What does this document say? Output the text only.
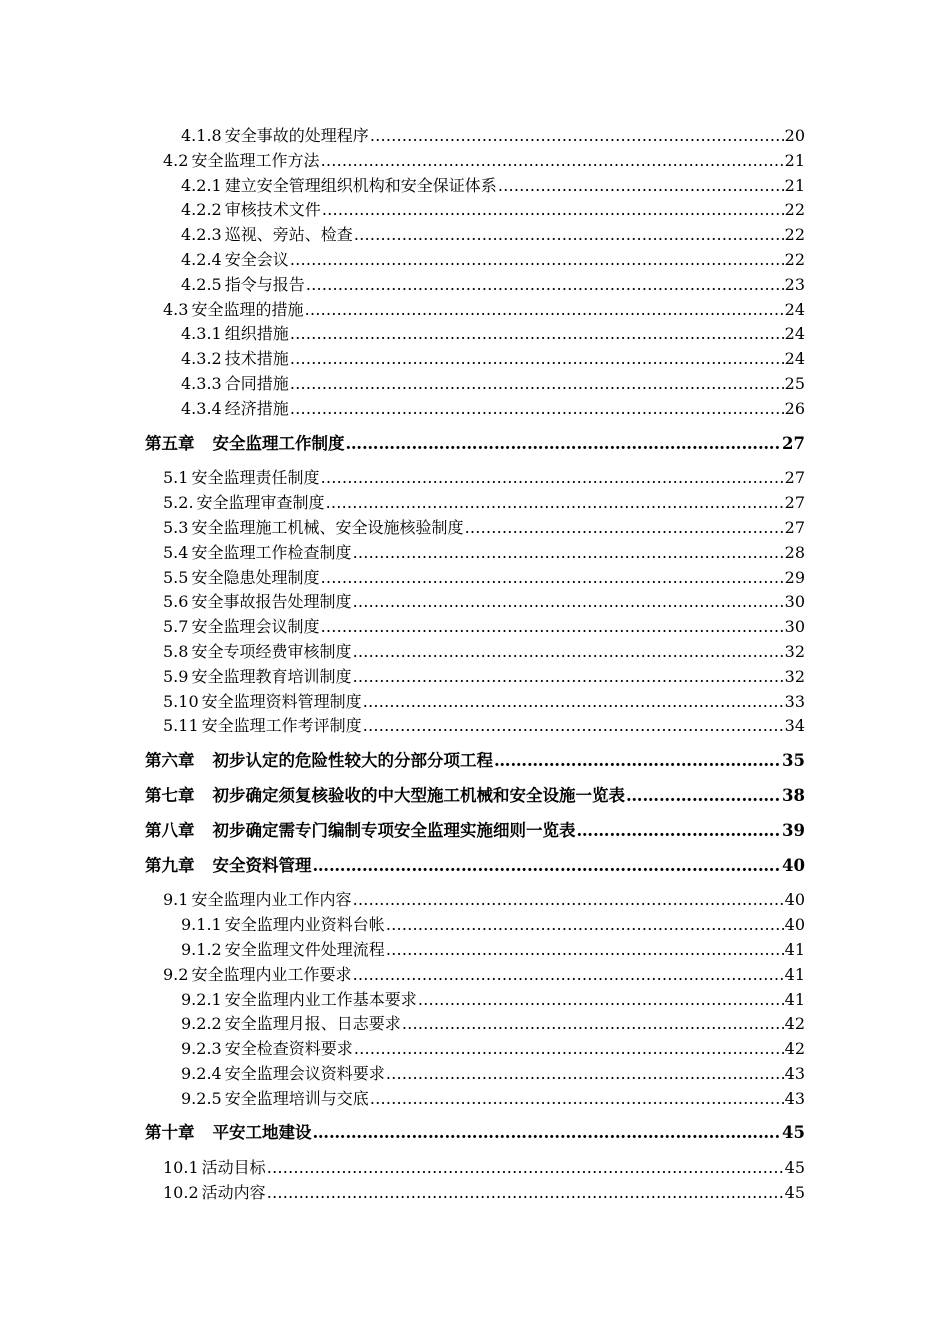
4.1.8 安全事故的处理程序 ……………………………………………………………………………………………………………………………………………………………………………………………………………………………………	20
4.2 安全监理工作方法 ……………………………………………………………………………………………………………………………………………………………………………………………………………………………………	21
4.2.1 建立安全管理组织机构和安全保证体系 ……………………………………………………………………………………………………………………………………………………………………………………………………………………………………	21
4.2.2 审核技术文件 ……………………………………………………………………………………………………………………………………………………………………………………………………………………………………	22
4.2.3 巡视、旁站、检查 ……………………………………………………………………………………………………………………………………………………………………………………………………………………………………	22
4.2.4 安全会议 ……………………………………………………………………………………………………………………………………………………………………………………………………………………………………	22
4.2.5 指令与报告 ……………………………………………………………………………………………………………………………………………………………………………………………………………………………………	23
4.3 安全监理的措施 ……………………………………………………………………………………………………………………………………………………………………………………………………………………………………	24
4.3.1 组织措施 ……………………………………………………………………………………………………………………………………………………………………………………………………………………………………	24
4.3.2 技术措施 ……………………………………………………………………………………………………………………………………………………………………………………………………………………………………	24
4.3.3 合同措施 ……………………………………………………………………………………………………………………………………………………………………………………………………………………………………	25
4.3.4 经济措施 ……………………………………………………………………………………………………………………………………………………………………………………………………………………………………	26
第五章 安全监理工作制度 ……………………………………………………………………………………………………………………………………………………………………………………………………………………………………	27
5.1 安全监理责任制度 ……………………………………………………………………………………………………………………………………………………………………………………………………………………………………	27
5.2. 安全监理审查制度 ……………………………………………………………………………………………………………………………………………………………………………………………………………………………………	27
5.3 安全监理施工机械、安全设施核验制度 ……………………………………………………………………………………………………………………………………………………………………………………………………………………………………	27
5.4 安全监理工作检查制度 ……………………………………………………………………………………………………………………………………………………………………………………………………………………………………	28
5.5 安全隐患处理制度 ……………………………………………………………………………………………………………………………………………………………………………………………………………………………………	29
5.6 安全事故报告处理制度 ……………………………………………………………………………………………………………………………………………………………………………………………………………………………………	30
5.7 安全监理会议制度 ……………………………………………………………………………………………………………………………………………………………………………………………………………………………………	30
5.8 安全专项经费审核制度 ……………………………………………………………………………………………………………………………………………………………………………………………………………………………………	32
5.9 安全监理教育培训制度 ……………………………………………………………………………………………………………………………………………………………………………………………………………………………………	32
5.10 安全监理资料管理制度 ……………………………………………………………………………………………………………………………………………………………………………………………………………………………………	33
5.11 安全监理工作考评制度 ……………………………………………………………………………………………………………………………………………………………………………………………………………………………………	34
第六章 初步认定的危险性较大的分部分项工程 ……………………………………………………………………………………………………………………………………………………………………………………………………………………………………	35
第七章 初步确定须复核验收的中大型施工机械和安全设施一览表 ……………………………………………………………………………………………………………………………………………………………………………………………………………………………………	38
第八章 初步确定需专门编制专项安全监理实施细则一览表 ……………………………………………………………………………………………………………………………………………………………………………………………………………………………………	39
第九章 安全资料管理 ……………………………………………………………………………………………………………………………………………………………………………………………………………………………………	40
9.1 安全监理内业工作内容 ……………………………………………………………………………………………………………………………………………………………………………………………………………………………………	40
9.1.1 安全监理内业资料台帐 ……………………………………………………………………………………………………………………………………………………………………………………………………………………………………	40
9.1.2 安全监理文件处理流程 ……………………………………………………………………………………………………………………………………………………………………………………………………………………………………	41
9.2 安全监理内业工作要求 ……………………………………………………………………………………………………………………………………………………………………………………………………………………………………	41
9.2.1 安全监理内业工作基本要求 ……………………………………………………………………………………………………………………………………………………………………………………………………………………………………	41
9.2.2 安全监理月报、日志要求 ……………………………………………………………………………………………………………………………………………………………………………………………………………………………………	42
9.2.3 安全检查资料要求 ……………………………………………………………………………………………………………………………………………………………………………………………………………………………………	42
9.2.4 安全监理会议资料要求 ……………………………………………………………………………………………………………………………………………………………………………………………………………………………………	43
9.2.5 安全监理培训与交底 ……………………………………………………………………………………………………………………………………………………………………………………………………………………………………	43
第十章 平安工地建设 ……………………………………………………………………………………………………………………………………………………………………………………………………………………………………	45
10.1 活动目标 ……………………………………………………………………………………………………………………………………………………………………………………………………………………………………	45
10.2 活动内容 ……………………………………………………………………………………………………………………………………………………………………………………………………………………………………	45
